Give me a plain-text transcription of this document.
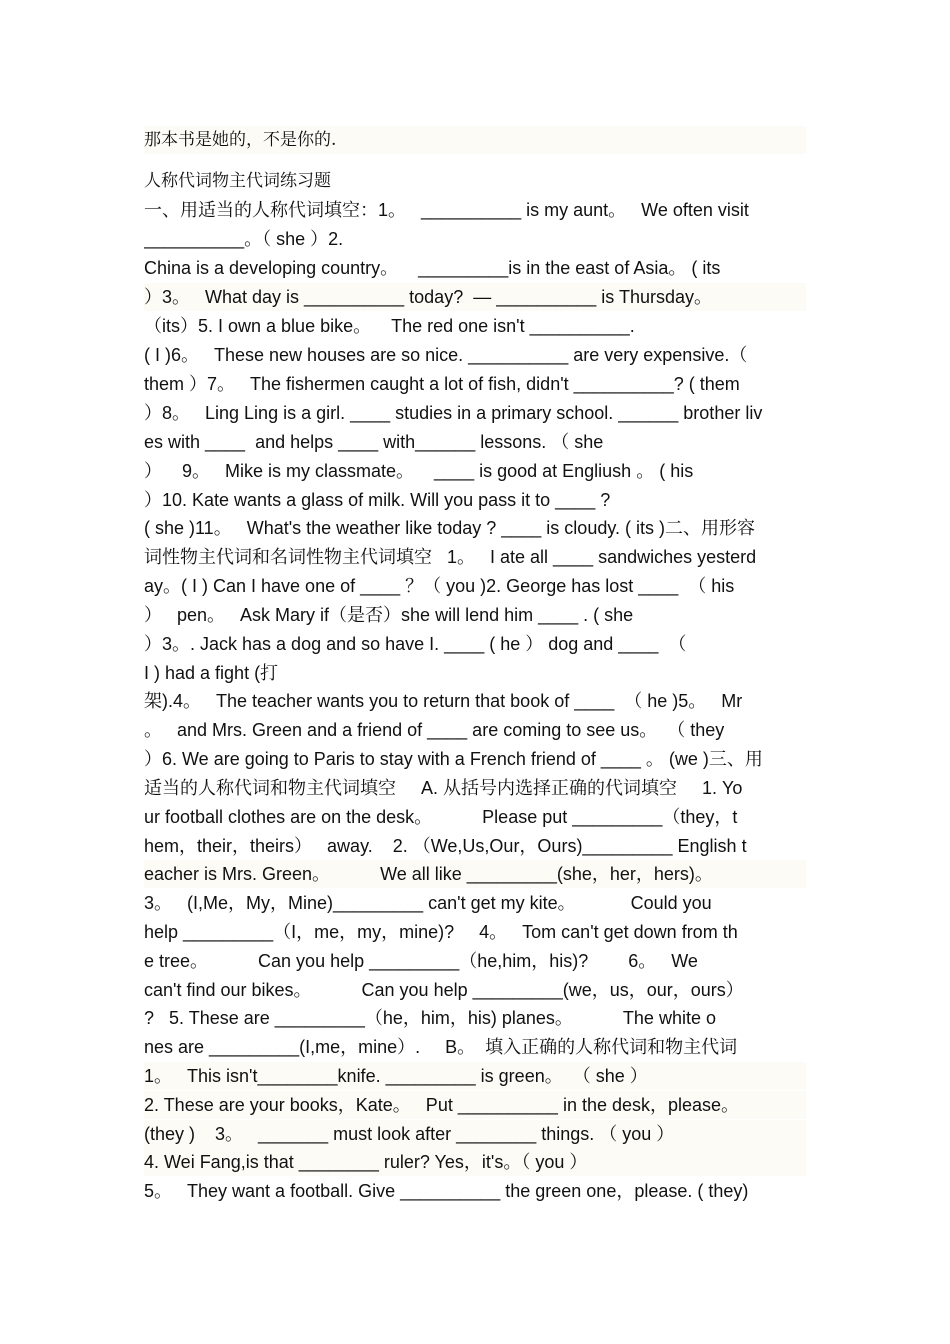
那本书是她的，不是你的.
人称代词物主代词练习题
一、用适当的人称代词填空：1。   __________ is my aunt。   We often visit
__________。（ she ）2.
China is a developing country。    _________is in the east of Asia。 ( its
）3。   What day is __________ today?  — __________ is Thursday。
（its）5. I own a blue bike。    The red one isn't __________.
( I )6。   These new houses are so nice. __________ are very expensive.（
them ）7。   The fishermen caught a lot of fish, didn't __________? ( them
）8。   Ling Ling is a girl. ____ studies in a primary school. ______ brother liv
es with ____  and helps ____ with______ lessons. （ she
）    9。   Mike is my classmate。    ____ is good at Engliush 。 ( his
）10. Kate wants a glass of milk. Will you pass it to ____ ?
( she )11。   What's the weather like today ? ____ is cloudy. ( its )二、用形容
词性物主代词和名词性物主代词填空   1。   I ate all ____ sandwiches yesterd
ay。( I ) Can I have one of ____ ？（ you )2. George has lost ____  （ his
）   pen。   Ask Mary if（是否）she will lend him ____ . ( she
）3。. Jack has a dog and so have I. ____ ( he ） dog and ____  （
I ) had a fight (打
架).4。   The teacher wants you to return that book of ____  （ he )5。   Mr
。   and Mrs. Green and a friend of ____ are coming to see us。  （ they
）6. We are going to Paris to stay with a French friend of ____ 。 (we )三、用
适当的人称代词和物主代词填空     A. 从括号内选择正确的代词填空     1. Yo
ur football clothes are on the desk。          Please put _________（they，t
hem，their，theirs）   away.    2. （We,Us,Our，Ours)_________ English t
eacher is Mrs. Green。          We all like _________(she，her，hers)。
3。   (I,Me，My，Mine)_________ can't get my kite。           Could you
help _________（I，me，my，mine)?     4。   Tom can't get down from th
e tree。          Can you help _________（he,him，his)?        6。   We
can't find our bikes。          Can you help _________(we，us，our，ours）
?   5. These are _________（he，him，his) planes。          The white o
nes are _________(I,me，mine）.     B。  填入正确的人称代词和物主代词
1。   This isn't________knife. _________ is green。  （ she ）
2. These are your books，Kate。   Put __________ in the desk，please。
(they )    3。   _______ must look after ________ things. （ you ）
4. Wei Fang,is that ________ ruler? Yes，it's。（ you ）
5。   They want a football. Give __________ the green one，please. ( they)
